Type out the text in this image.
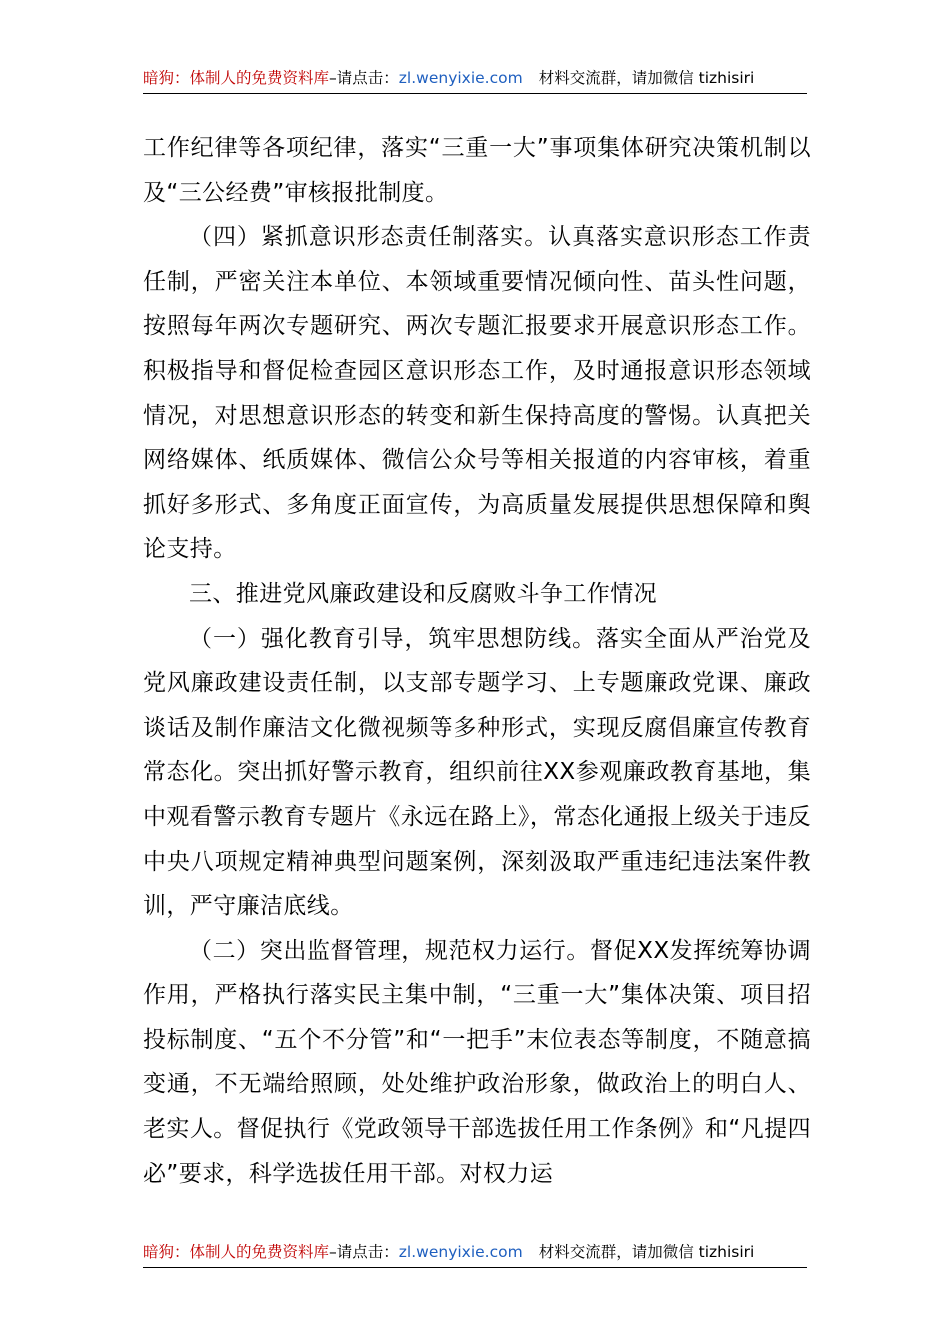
暗狗：体制人的免费资料库–请点击：zl.wenyixie.com 材料交流群，请加微信 tizhisiri

工作纪律等各项纪律，落实“三重一大”事项集体研究决策机制以及“三公经费”审核报批制度。

（四）紧抓意识形态责任制落实。认真落实意识形态工作责任制，严密关注本单位、本领域重要情况倾向性、苗头性问题，按照每年两次专题研究、两次专题汇报要求开展意识形态工作。积极指导和督促检查园区意识形态工作，及时通报意识形态领域情况，对思想意识形态的转变和新生保持高度的警惕。认真把关网络媒体、纸质媒体、微信公众号等相关报道的内容审核，着重抓好多形式、多角度正面宣传，为高质量发展提供思想保障和舆论支持。

三、推进党风廉政建设和反腐败斗争工作情况

（一）强化教育引导，筑牢思想防线。落实全面从严治党及党风廉政建设责任制，以支部专题学习、上专题廉政党课、廉政谈话及制作廉洁文化微视频等多种形式，实现反腐倡廉宣传教育常态化。突出抓好警示教育，组织前往XX参观廉政教育基地，集中观看警示教育专题片《永远在路上》，常态化通报上级关于违反中央八项规定精神典型问题案例，深刻汲取严重违纪违法案件教训，严守廉洁底线。

（二）突出监督管理，规范权力运行。督促XX发挥统筹协调作用，严格执行落实民主集中制，“三重一大”集体决策、项目招投标制度、“五个不分管”和“一把手”末位表态等制度，不随意搞变通，不无端给照顾，处处维护政治形象，做政治上的明白人、老实人。督促执行《党政领导干部选拔任用工作条例》和“凡提四必”要求，科学选拔任用干部。对权力运

暗狗：体制人的免费资料库–请点击：zl.wenyixie.com 材料交流群，请加微信 tizhisiri
